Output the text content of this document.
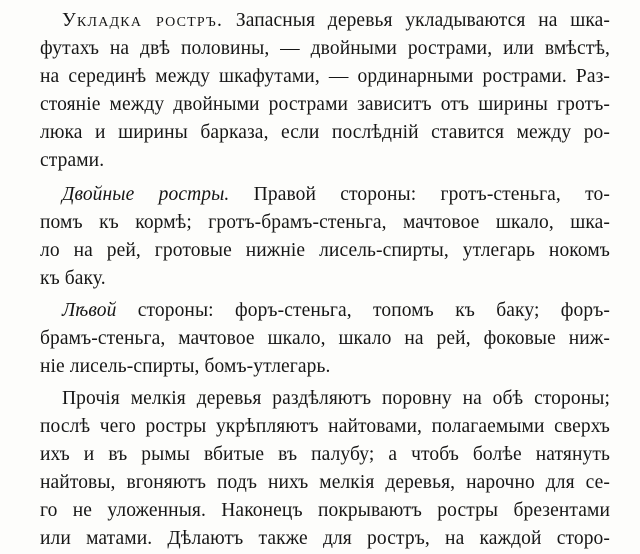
Укладка ростръ. Запасныя деревья укладываются на шка-
футахъ на двѣ половины, — двойными рострами, или вмѣстѣ,
на серединѣ между шкафутами, — ординарными рострами. Раз-
стояніе между двойными рострами зависитъ отъ ширины гротъ-
люка и ширины барказа, если послѣдній ставится между ро-
страми.
Двойные ростры. Правой стороны: гротъ-стеньга, то-
помъ къ кормѣ; гротъ-брамъ-стеньга, мачтовое шкало, шка-
ло на рей, гротовые нижніе лисель-спирты, утлегарь нокомъ
къ баку.
Лѣвой стороны: форъ-стеньга, топомъ къ баку; форъ-
брамъ-стеньга, мачтовое шкало, шкало на рей, фоковые ниж-
ніе лисель-спирты, бомъ-утлегарь.
Прочія мелкія деревья раздѣляютъ поровну на обѣ стороны;
послѣ чего ростры укрѣпляютъ найтовами, полагаемыми сверхъ
ихъ и въ рымы вбитые въ палубу; а чтобъ болѣе натянуть
найтовы, вгоняютъ подъ нихъ мелкія деревья, нарочно для се-
го не уложенныя. Наконецъ покрываютъ ростры брезентами
или матами. Дѣлаютъ также для ростръ, на каждой сторо-
